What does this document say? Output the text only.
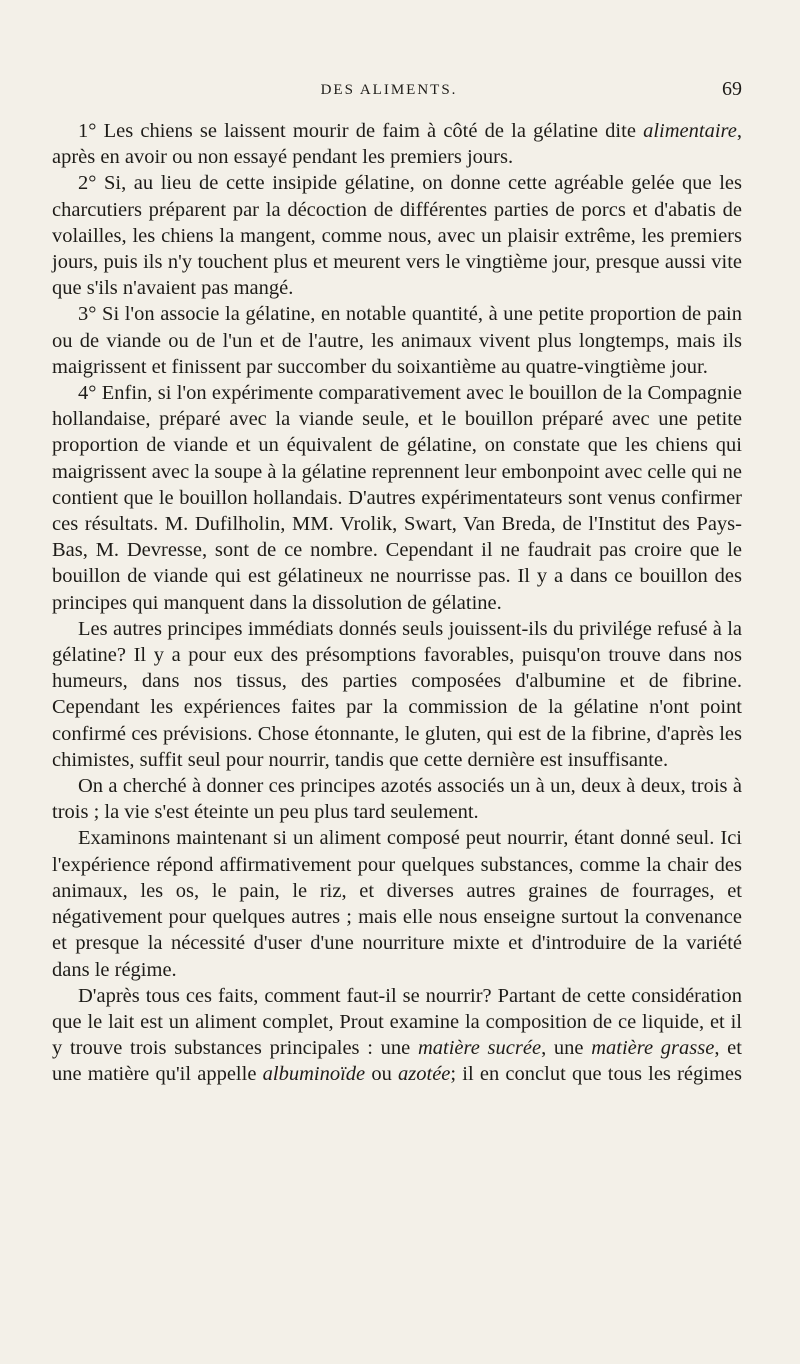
DES ALIMENTS.	69

1° Les chiens se laissent mourir de faim à côté de la gélatine dite alimentaire, après en avoir ou non essayé pendant les premiers jours.

2° Si, au lieu de cette insipide gélatine, on donne cette agréable gelée que les charcutiers préparent par la décoction de différentes parties de porcs et d'abatis de volailles, les chiens la mangent, comme nous, avec un plaisir extrême, les premiers jours, puis ils n'y touchent plus et meurent vers le vingtième jour, presque aussi vite que s'ils n'avaient pas mangé.

3° Si l'on associe la gélatine, en notable quantité, à une petite proportion de pain ou de viande ou de l'un et de l'autre, les animaux vivent plus longtemps, mais ils maigrissent et finissent par succomber du soixantième au quatre-vingtième jour.

4° Enfin, si l'on expérimente comparativement avec le bouillon de la Compagnie hollandaise, préparé avec la viande seule, et le bouillon préparé avec une petite proportion de viande et un équivalent de gélatine, on constate que les chiens qui maigrissent avec la soupe à la gélatine reprennent leur embonpoint avec celle qui ne contient que le bouillon hollandais. D'autres expérimentateurs sont venus confirmer ces résultats. M. Dufilholin, MM. Vrolik, Swart, Van Breda, de l'Institut des Pays-Bas, M. Devresse, sont de ce nombre. Cependant il ne faudrait pas croire que le bouillon de viande qui est gélatineux ne nourrisse pas. Il y a dans ce bouillon des principes qui manquent dans la dissolution de gélatine.

Les autres principes immédiats donnés seuls jouissent-ils du privilége refusé à la gélatine? Il y a pour eux des présomptions favorables, puisqu'on trouve dans nos humeurs, dans nos tissus, des parties composées d'albumine et de fibrine. Cependant les expériences faites par la commission de la gélatine n'ont point confirmé ces prévisions. Chose étonnante, le gluten, qui est de la fibrine, d'après les chimistes, suffit seul pour nourrir, tandis que cette dernière est insuffisante.

On a cherché à donner ces principes azotés associés un à un, deux à deux, trois à trois ; la vie s'est éteinte un peu plus tard seulement.

Examinons maintenant si un aliment composé peut nourrir, étant donné seul. Ici l'expérience répond affirmativement pour quelques substances, comme la chair des animaux, les os, le pain, le riz, et diverses autres graines de fourrages, et négativement pour quelques autres ; mais elle nous enseigne surtout la convenance et presque la nécessité d'user d'une nourriture mixte et d'introduire de la variété dans le régime.

D'après tous ces faits, comment faut-il se nourrir? Partant de cette considération que le lait est un aliment complet, Prout examine la composition de ce liquide, et il y trouve trois substances principales : une matière sucrée, une matière grasse, et une matière qu'il appelle albuminoïde ou azotée; il en conclut que tous les régimes
